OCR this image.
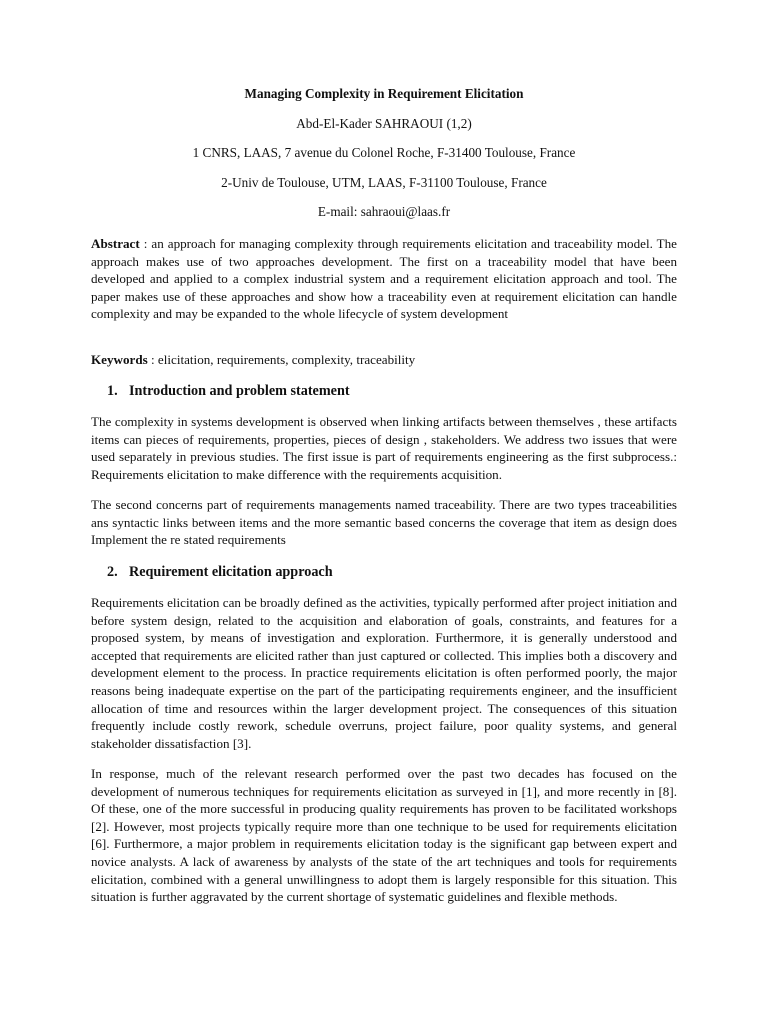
Managing Complexity in Requirement Elicitation

Abd-El-Kader SAHRAOUI (1,2)

1 CNRS, LAAS, 7 avenue du Colonel Roche, F-31400 Toulouse, France

2-Univ de Toulouse, UTM, LAAS, F-31100 Toulouse, France

E-mail: sahraoui@laas.fr

Abstract : an approach for managing complexity through requirements elicitation and traceability model. The approach makes use of two approaches development. The first on a traceability model that have been developed and applied to a complex industrial system and a requirement elicitation approach and tool. The paper makes use of these approaches and show how a traceability even at requirement elicitation can handle complexity and may be expanded to the whole lifecycle of system development

Keywords : elicitation, requirements, complexity, traceability

1. Introduction and problem statement

The complexity in systems development is observed when linking artifacts between themselves , these artifacts items can pieces of requirements, properties, pieces of design , stakeholders. We address two issues that were used separately in previous studies. The first issue is part of requirements engineering as the first subprocess.: Requirements elicitation to make difference with the requirements acquisition.

The second concerns part of requirements managements named traceability. There are two types traceabilities ans syntactic links between items and the more semantic based concerns the coverage that item as design does Implement the re stated requirements

2. Requirement elicitation approach

Requirements elicitation can be broadly defined as the activities, typically performed after project initiation and before system design, related to the acquisition and elaboration of goals, constraints, and features for a proposed system, by means of investigation and exploration. Furthermore, it is generally understood and accepted that requirements are elicited rather than just captured or collected. This implies both a discovery and development element to the process. In practice requirements elicitation is often performed poorly, the major reasons being inadequate expertise on the part of the participating requirements engineer, and the insufficient allocation of time and resources within the larger development project. The consequences of this situation frequently include costly rework, schedule overruns, project failure, poor quality systems, and general stakeholder dissatisfaction [3].

In response, much of the relevant research performed over the past two decades has focused on the development of numerous techniques for requirements elicitation as surveyed in [1], and more recently in [8]. Of these, one of the more successful in producing quality requirements has proven to be facilitated workshops [2]. However, most projects typically require more than one technique to be used for requirements elicitation [6]. Furthermore, a major problem in requirements elicitation today is the significant gap between expert and novice analysts. A lack of awareness by analysts of the state of the art techniques and tools for requirements elicitation, combined with a general unwillingness to adopt them is largely responsible for this situation. This situation is further aggravated by the current shortage of systematic guidelines and flexible methods.
